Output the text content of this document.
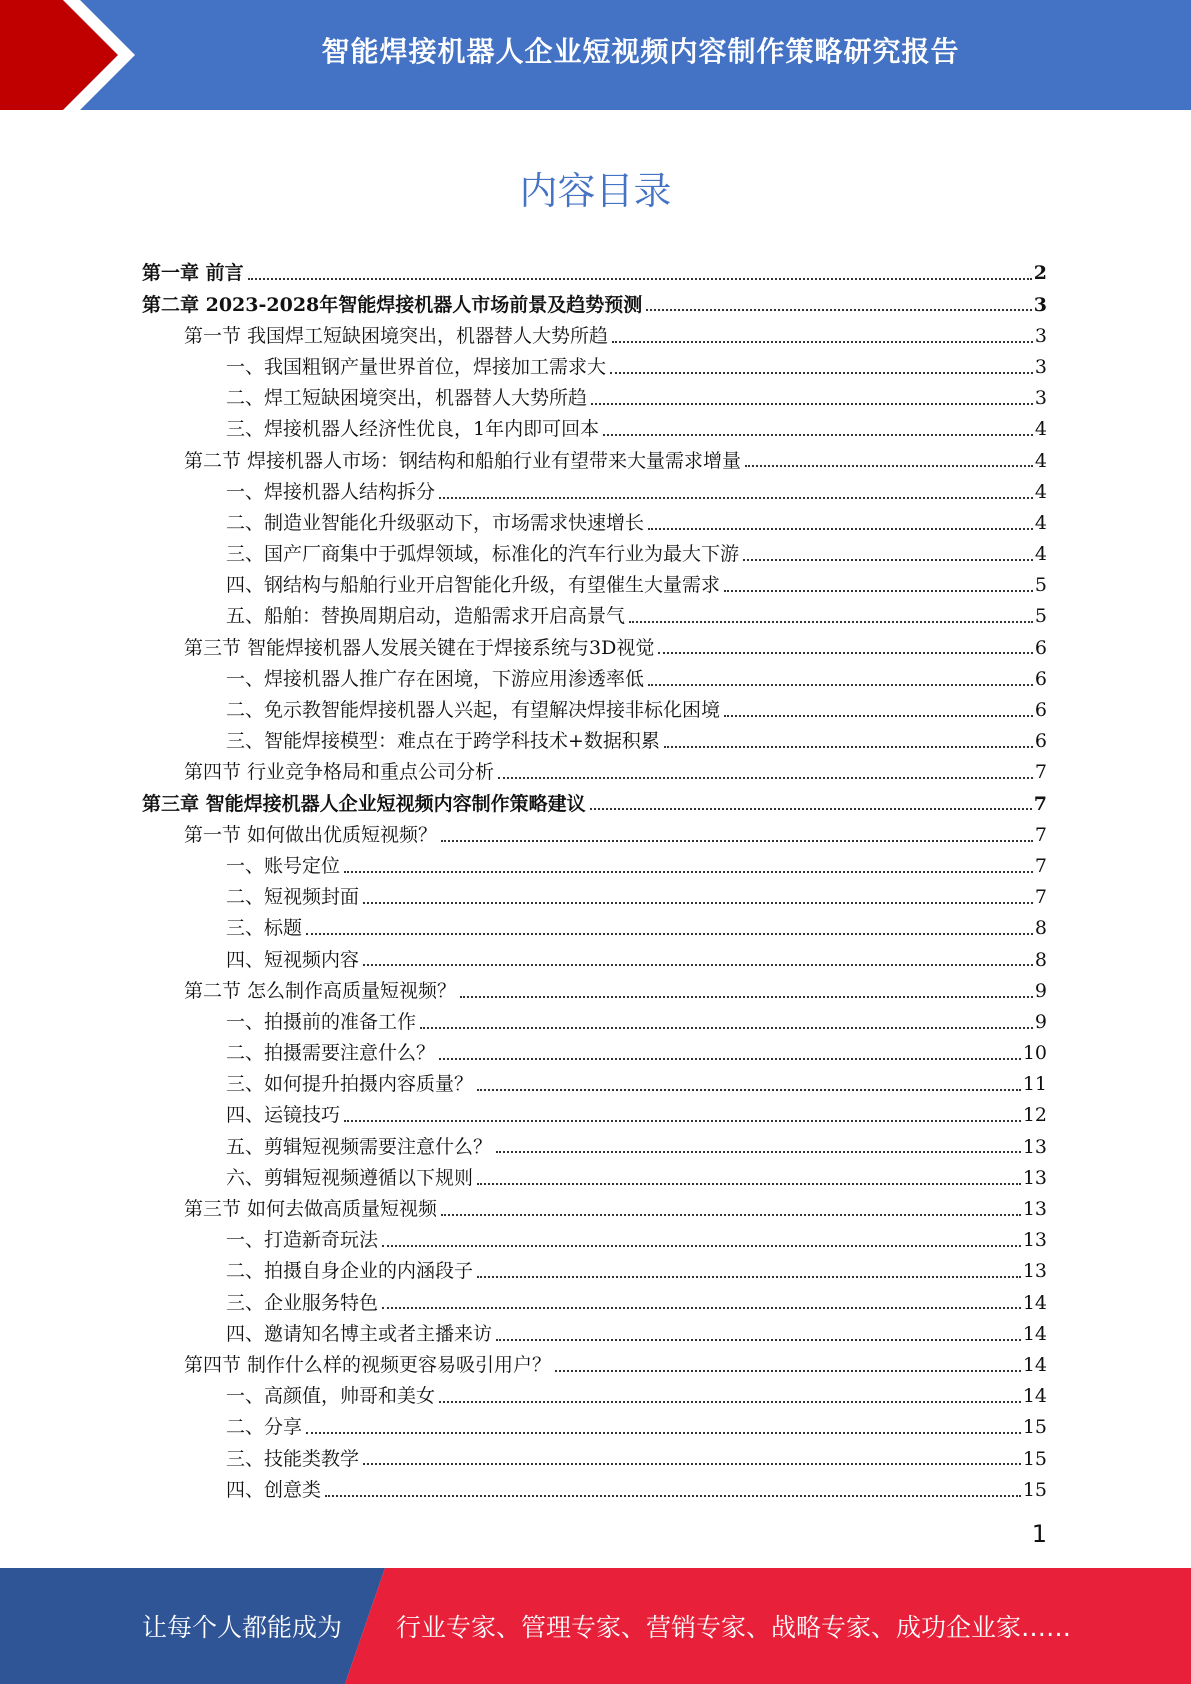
智能焊接机器人企业短视频内容制作策略研究报告
内容目录
第一章 前言	2
第二章 2023-2028年智能焊接机器人市场前景及趋势预测	3
第一节 我国焊工短缺困境突出，机器替人大势所趋	3
一、我国粗钢产量世界首位，焊接加工需求大	3
二、焊工短缺困境突出，机器替人大势所趋	3
三、焊接机器人经济性优良，1年内即可回本	4
第二节 焊接机器人市场：钢结构和船舶行业有望带来大量需求增量	4
一、焊接机器人结构拆分	4
二、制造业智能化升级驱动下，市场需求快速增长	4
三、国产厂商集中于弧焊领域，标准化的汽车行业为最大下游	4
四、钢结构与船舶行业开启智能化升级，有望催生大量需求	5
五、船舶：替换周期启动，造船需求开启高景气	5
第三节 智能焊接机器人发展关键在于焊接系统与3D视觉	6
一、焊接机器人推广存在困境，下游应用渗透率低	6
二、免示教智能焊接机器人兴起，有望解决焊接非标化困境	6
三、智能焊接模型：难点在于跨学科技术+数据积累	6
第四节 行业竞争格局和重点公司分析	7
第三章 智能焊接机器人企业短视频内容制作策略建议	7
第一节 如何做出优质短视频？	7
一、账号定位	7
二、短视频封面	7
三、标题	8
四、短视频内容	8
第二节 怎么制作高质量短视频？	9
一、拍摄前的准备工作	9
二、拍摄需要注意什么？	10
三、如何提升拍摄内容质量？	11
四、运镜技巧	12
五、剪辑短视频需要注意什么？	13
六、剪辑短视频遵循以下规则	13
第三节 如何去做高质量短视频	13
一、打造新奇玩法	13
二、拍摄自身企业的内涵段子	13
三、企业服务特色	14
四、邀请知名博主或者主播来访	14
第四节 制作什么样的视频更容易吸引用户？	14
一、高颜值，帅哥和美女	14
二、分享	15
三、技能类教学	15
四、创意类	15
1
让每个人都能成为 行业专家、管理专家、营销专家、战略专家、成功企业家……
